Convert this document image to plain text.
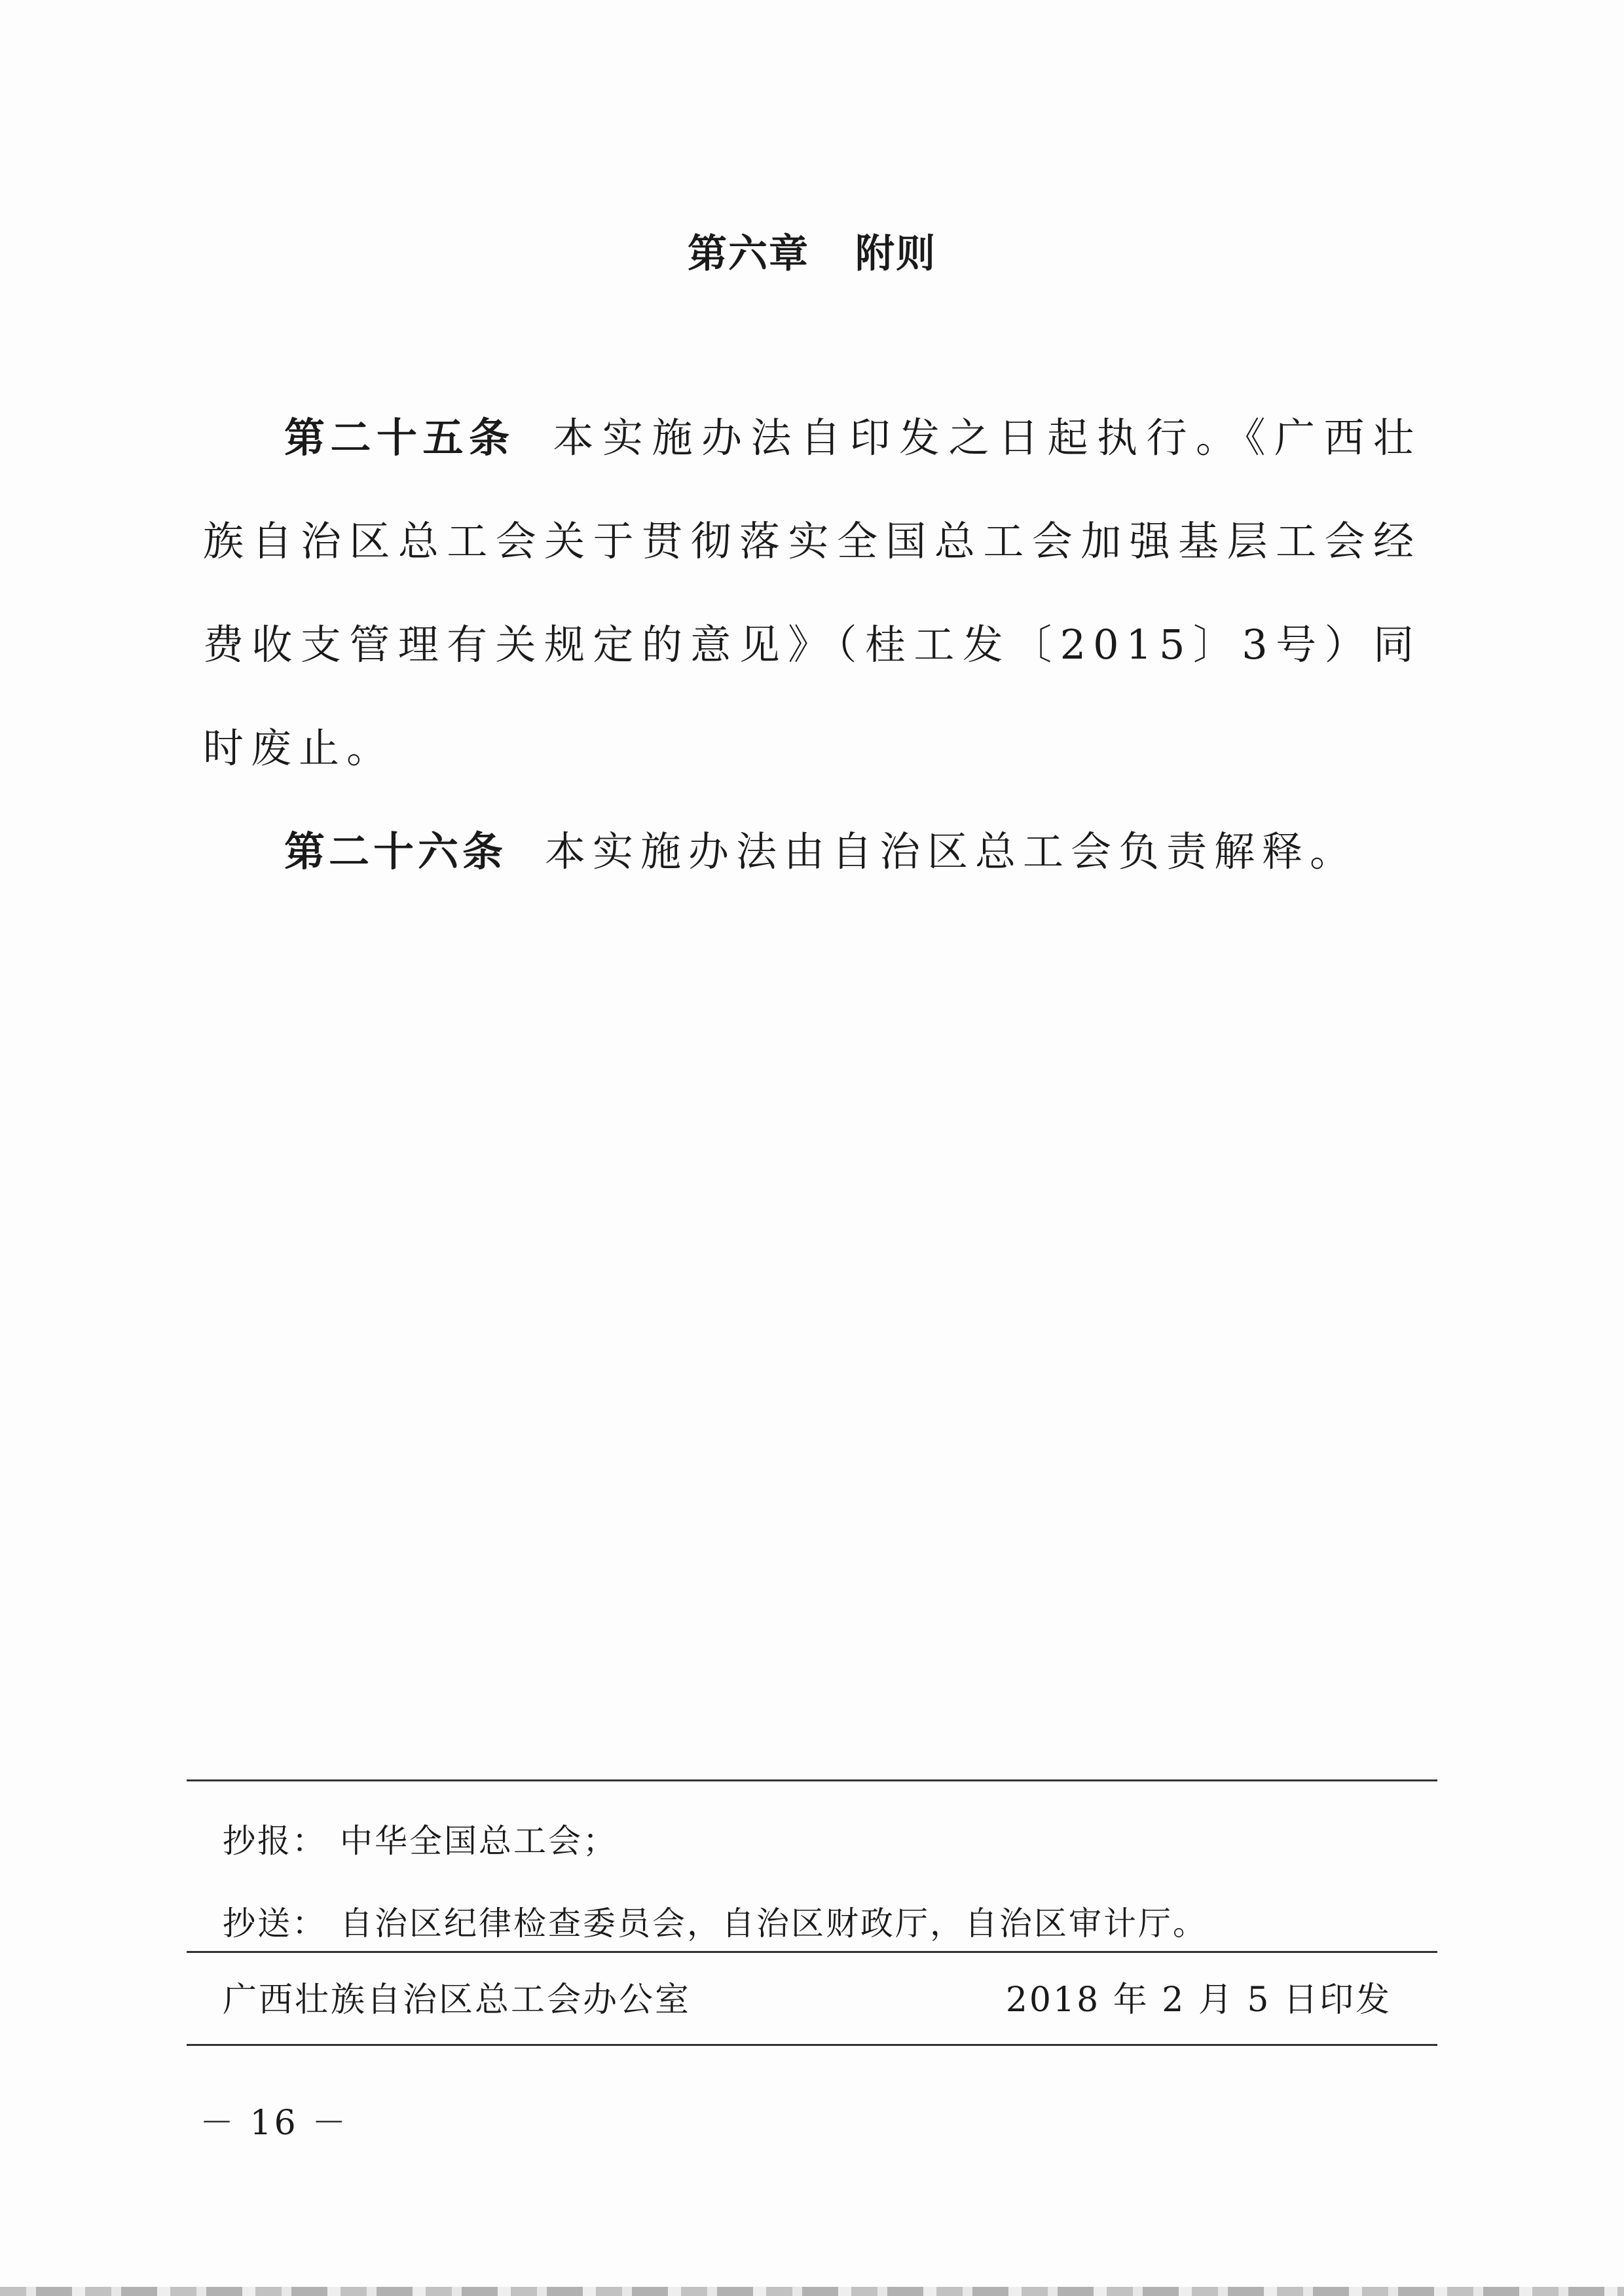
第六章 附则

第二十五条 本实施办法自印发之日起执行。《广西壮族自治区总工会关于贯彻落实全国总工会加强基层工会经费收支管理有关规定的意见》（桂工发〔2015〕3号）同时废止。

第二十六条 本实施办法由自治区总工会负责解释。

抄报： 中华全国总工会；
抄送： 自治区纪律检查委员会，自治区财政厅，自治区审计厅。
广西壮族自治区总工会办公室	2018 年 2 月 5 日印发
－ 16 －
